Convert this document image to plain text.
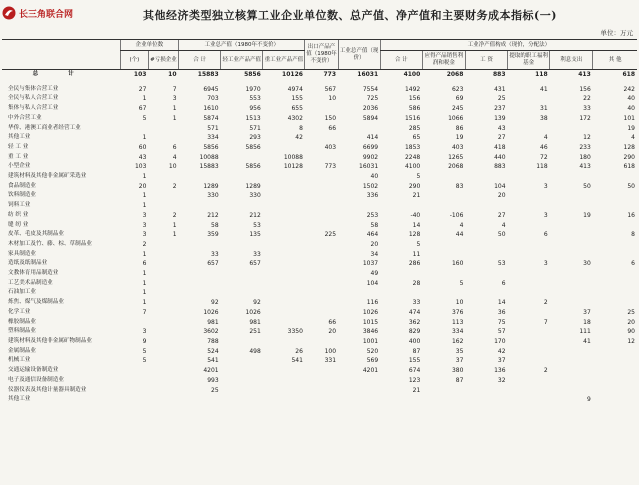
长三角联合网	其他经济类型独立核算工业企业单位数、总产值、净产值和主要财务成本指标(一)
单位：万元
	企业单位数		工业总产值（1980年不变价）			出口产品产值（1980年不变价）	工业总产值（现价）	工业净产值构成（现价，分配法）					
	(个)	#亏损企业	合 计	轻工业产品产值	重工业产品产值			合 计	应得产品销售利润和税金	工 资	提取的职工福利基金	利息支出	其 他
总 计	103	10	15883	5856	10126	773	16031	4100	2068	883	118	413	618

全民与集体合营工业	27	7	6945	1970	4974	567	7554	1492	623	431	41	156	242
全民与私人合营工业	1	3	703	553	155	10	725	156	69	25		22	40
集体与私人合营工业	67	1	1610	956	655		2036	586	245	237	31	33	40
中外合营工业	5	1	5874	1513	4302	150	5894	1516	1066	139	38	172	101
华侨、港澳工商业者经营工业			571	571	8	66		285	86	43			19
其他工业	1		334	293	42		414	65	19	27	4	12	4
轻 工 业	60	6	5856	5856		403	6699	1853	403	418	46	233	128
重 工 业	43	4	10088		10088		9902	2248	1265	440	72	180	290
小型企业	103	10	15883	5856	10128	773	16031	4100	2068	883	118	413	618
建筑材料及其他非金属矿采选业	1						40	5					
食品制造业	20	2	1289	1289			1502	290	83	104	3	50	50
饮料制造业	1		330	330			336	21		20			
饲料工业	1												
纺 织 业	3	2	212	212			253	-40	-106	27	3	19	16
缝 纫 业	3	1	58	53			58	14	4	4			
皮革、毛皮及其制品业	3	1	359	135		225	464	128	44	50	6		8
木材加工及竹、藤、棕、草制品业	2						20	5					
家具制造业	1		33	33			34	11					
造纸及纸制品业	6		657	657			1037	286	160	53	3	30	6
文教体育用品制造业	1						49						
工艺美术品制造业	1						104	28	5	6			
石油加工业	1												
炼焦、煤气及煤制品业	1		92	92			116	33	10	14	2		
化学工业	7		1026	1026			1026	474	376	36		37	25
橡胶制品业			981	981		66	1015	362	113	75	7	18	20
塑料制品业	3		3602	251	3350	20	3846	829	334	57		111	90
建筑材料及其他非金属矿物制品业	9		788				1001	400	162	170		41	12
金属制品业	5		524	498	26	100	520	87	35	42			
机械工业	5		541		541	331	569	155	37	37			
交通运输设备制造业			4201				4201	674	380	136	2		
电子及通信设备制造业			993					123	87	32			
仪器仪表及其他计量器具制造业			25					21					
其他工业												9	
